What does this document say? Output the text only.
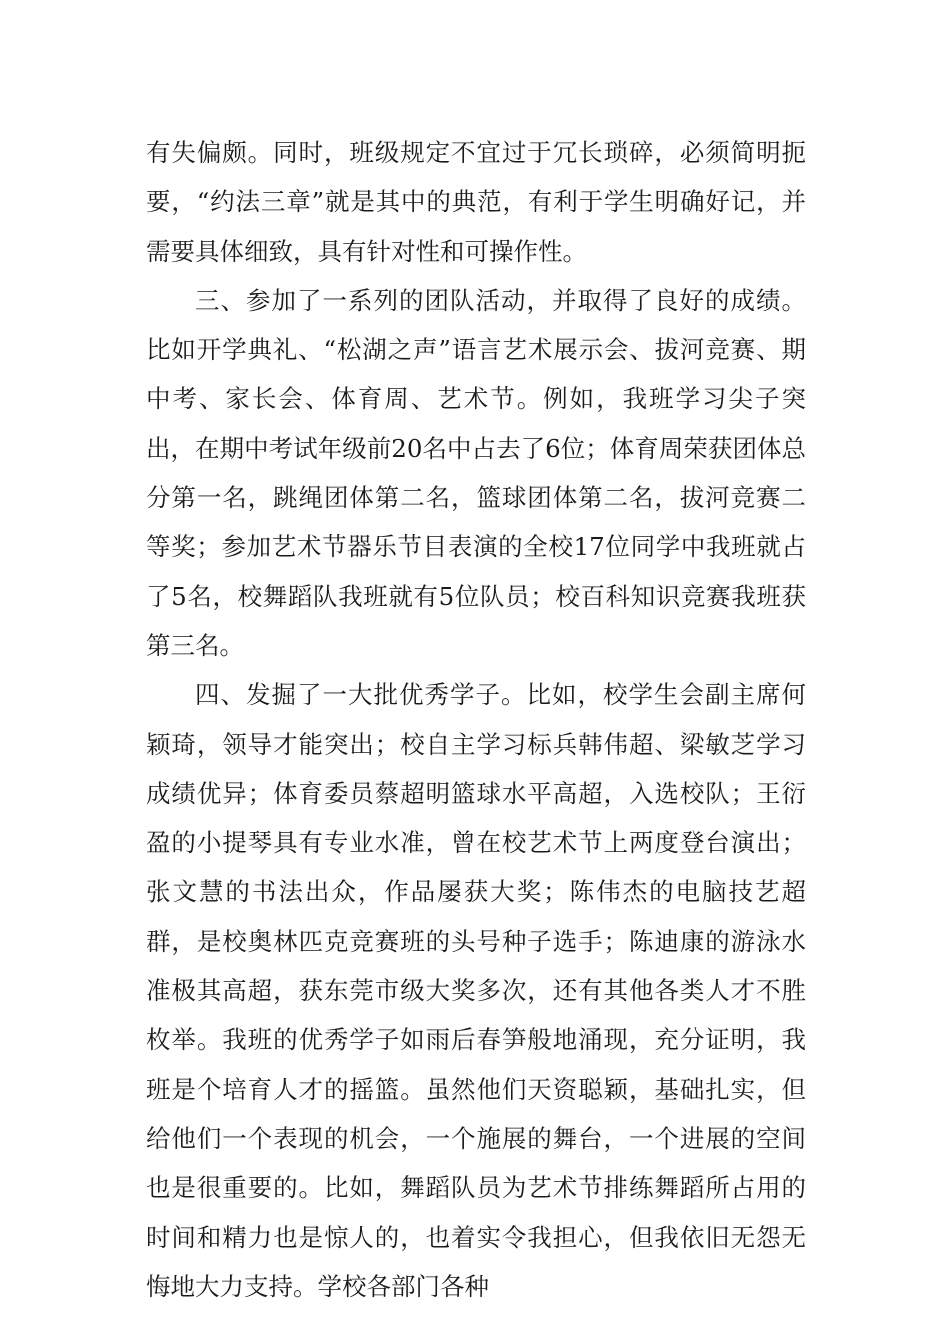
有失偏颇。同时，班级规定不宜过于冗长琐碎，必须简明扼要，“约法三章”就是其中的典范，有利于学生明确好记，并需要具体细致，具有针对性和可操作性。

三、参加了一系列的团队活动，并取得了良好的成绩。比如开学典礼、“松湖之声”语言艺术展示会、拔河竞赛、期中考、家长会、体育周、艺术节。例如，我班学习尖子突出，在期中考试年级前20名中占去了6位；体育周荣获团体总分第一名，跳绳团体第二名，篮球团体第二名，拔河竞赛二等奖；参加艺术节器乐节目表演的全校17位同学中我班就占了5名，校舞蹈队我班就有5位队员；校百科知识竞赛我班获第三名。

四、发掘了一大批优秀学子。比如，校学生会副主席何颖琦，领导才能突出；校自主学习标兵韩伟超、梁敏芝学习成绩优异；体育委员蔡超明篮球水平高超，入选校队；王衍盈的小提琴具有专业水准，曾在校艺术节上两度登台演出；张文慧的书法出众，作品屡获大奖；陈伟杰的电脑技艺超群，是校奥林匹克竞赛班的头号种子选手；陈迪康的游泳水准极其高超，获东莞市级大奖多次，还有其他各类人才不胜枚举。我班的优秀学子如雨后春笋般地涌现，充分证明，我班是个培育人才的摇篮。虽然他们天资聪颖，基础扎实，但给他们一个表现的机会，一个施展的舞台，一个进展的空间也是很重要的。比如，舞蹈队员为艺术节排练舞蹈所占用的时间和精力也是惊人的，也着实令我担心，但我依旧无怨无悔地大力支持。学校各部门各种
